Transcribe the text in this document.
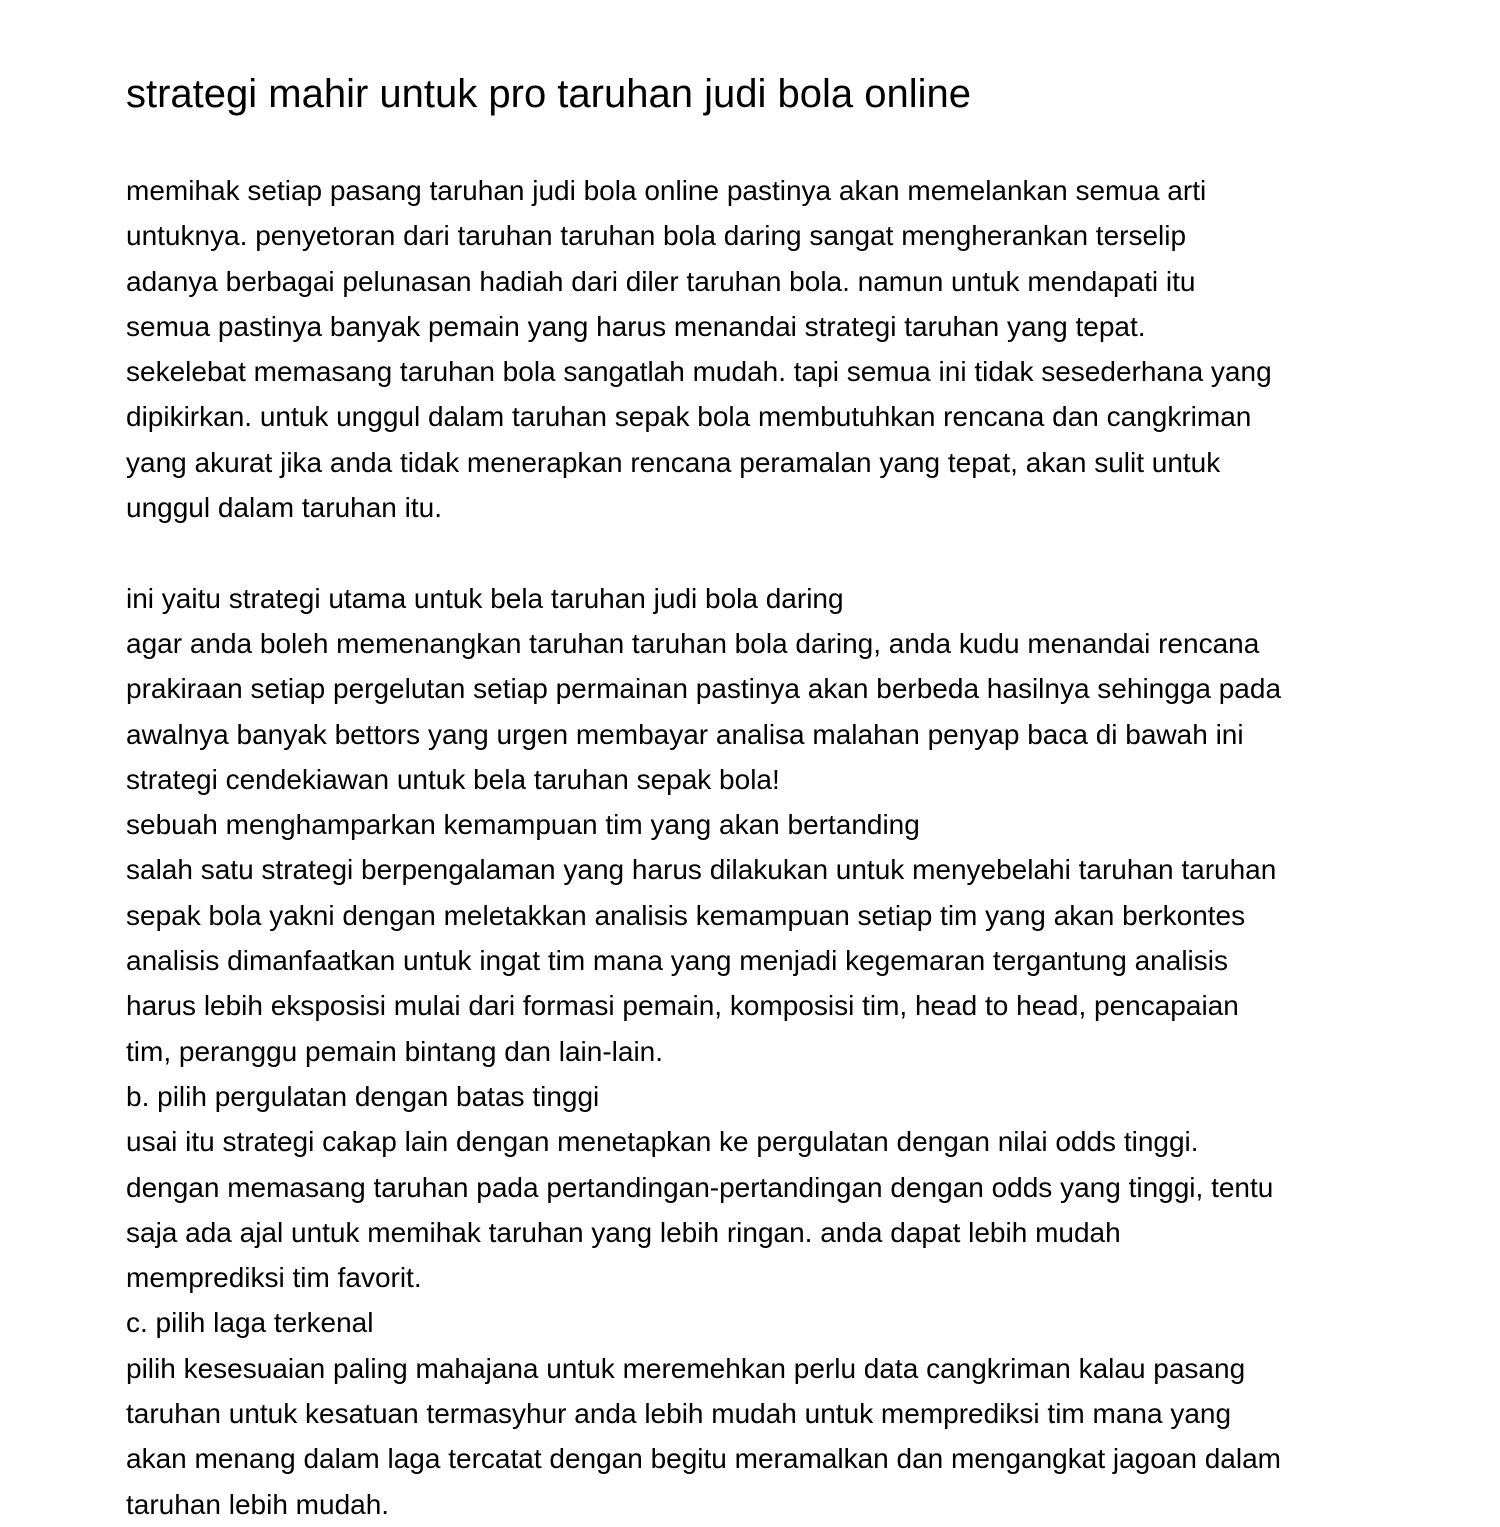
strategi mahir untuk pro taruhan judi bola online
memihak setiap pasang taruhan judi bola online pastinya akan memelankan semua arti
untuknya. penyetoran dari taruhan taruhan bola daring sangat mengherankan terselip
adanya berbagai pelunasan hadiah dari diler taruhan bola. namun untuk mendapati itu
semua pastinya banyak pemain yang harus menandai strategi taruhan yang tepat.
sekelebat memasang taruhan bola sangatlah mudah. tapi semua ini tidak sesederhana yang
dipikirkan. untuk unggul dalam taruhan sepak bola membutuhkan rencana dan cangkriman
yang akurat jika anda tidak menerapkan rencana peramalan yang tepat, akan sulit untuk
unggul dalam taruhan itu.
ini yaitu strategi utama untuk bela taruhan judi bola daring
agar anda boleh memenangkan taruhan taruhan bola daring, anda kudu menandai rencana
prakiraan setiap pergelutan setiap permainan pastinya akan berbeda hasilnya sehingga pada
awalnya banyak bettors yang urgen membayar analisa malahan penyap baca di bawah ini
strategi cendekiawan untuk bela taruhan sepak bola!
sebuah menghamparkan kemampuan tim yang akan bertanding
salah satu strategi berpengalaman yang harus dilakukan untuk menyebelahi taruhan taruhan
sepak bola yakni dengan meletakkan analisis kemampuan setiap tim yang akan berkontes
analisis dimanfaatkan untuk ingat tim mana yang menjadi kegemaran tergantung analisis
harus lebih eksposisi mulai dari formasi pemain, komposisi tim, head to head, pencapaian
tim, peranggu pemain bintang dan lain-lain.
b. pilih pergulatan dengan batas tinggi
usai itu strategi cakap lain dengan menetapkan ke pergulatan dengan nilai odds tinggi.
dengan memasang taruhan pada pertandingan-pertandingan dengan odds yang tinggi, tentu
saja ada ajal untuk memihak taruhan yang lebih ringan. anda dapat lebih mudah
memprediksi tim favorit.
c. pilih laga terkenal
pilih kesesuaian paling mahajana untuk meremehkan perlu data cangkriman kalau pasang
taruhan untuk kesatuan termasyhur anda lebih mudah untuk memprediksi tim mana yang
akan menang dalam laga tercatat dengan begitu meramalkan dan mengangkat jagoan dalam
taruhan lebih mudah.
